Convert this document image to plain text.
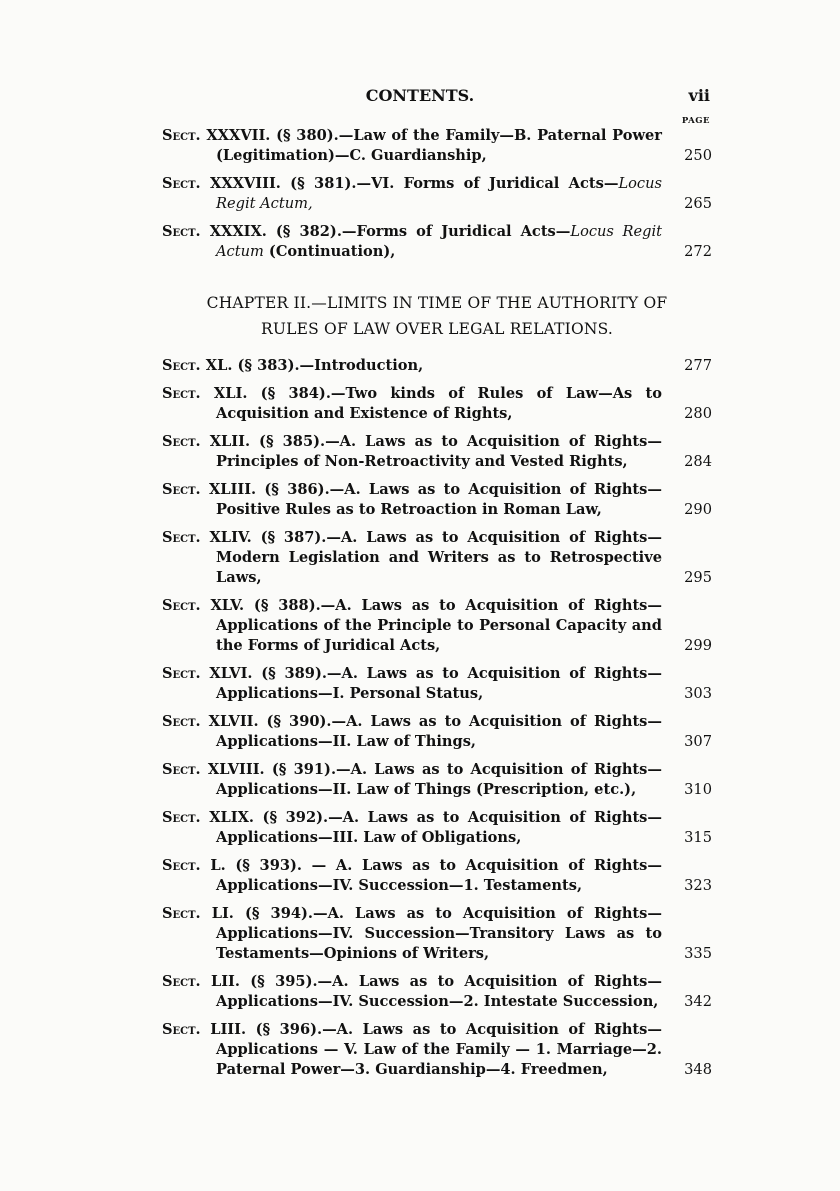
CONTENTS.	vii
PAGE
Sect. XXXVII. (§ 380).—Law of the Family—B. Paternal Power (Legitimation)—C. Guardianship,	250
Sect. XXXVIII. (§ 381).—VI. Forms of Juridical Acts—Locus Regit Actum,	265
Sect. XXXIX. (§ 382).—Forms of Juridical Acts—Locus Regit Actum (Continuation),	272
CHAPTER II.—LIMITS IN TIME OF THE AUTHORITY OF
RULES OF LAW OVER LEGAL RELATIONS.
Sect. XL. (§ 383).—Introduction,	277
Sect. XLI. (§ 384).—Two kinds of Rules of Law—As to Acquisition and Existence of Rights,	280
Sect. XLII. (§ 385).—A. Laws as to Acquisition of Rights—Principles of Non-Retroactivity and Vested Rights,	284
Sect. XLIII. (§ 386).—A. Laws as to Acquisition of Rights—Positive Rules as to Retroaction in Roman Law,	290
Sect. XLIV. (§ 387).—A. Laws as to Acquisition of Rights—Modern Legislation and Writers as to Retrospective Laws,	295
Sect. XLV. (§ 388).—A. Laws as to Acquisition of Rights—Applications of the Principle to Personal Capacity and the Forms of Juridical Acts,	299
Sect. XLVI. (§ 389).—A. Laws as to Acquisition of Rights—Applications—I. Personal Status,	303
Sect. XLVII. (§ 390).—A. Laws as to Acquisition of Rights—Applications—II. Law of Things,	307
Sect. XLVIII. (§ 391).—A. Laws as to Acquisition of Rights—Applications—II. Law of Things (Prescription, etc.),	310
Sect. XLIX. (§ 392).—A. Laws as to Acquisition of Rights—Applications—III. Law of Obligations,	315
Sect. L. (§ 393). — A. Laws as to Acquisition of Rights—Applications—IV. Succession—1. Testaments,	323
Sect. LI. (§ 394).—A. Laws as to Acquisition of Rights—Applications—IV. Succession—Transitory Laws as to Testaments—Opinions of Writers,	335
Sect. LII. (§ 395).—A. Laws as to Acquisition of Rights—Applications—IV. Succession—2. Intestate Succession,	342
Sect. LIII. (§ 396).—A. Laws as to Acquisition of Rights—Applications — V. Law of the Family — 1. Marriage—2. Paternal Power—3. Guardianship—4. Freedmen,	348
